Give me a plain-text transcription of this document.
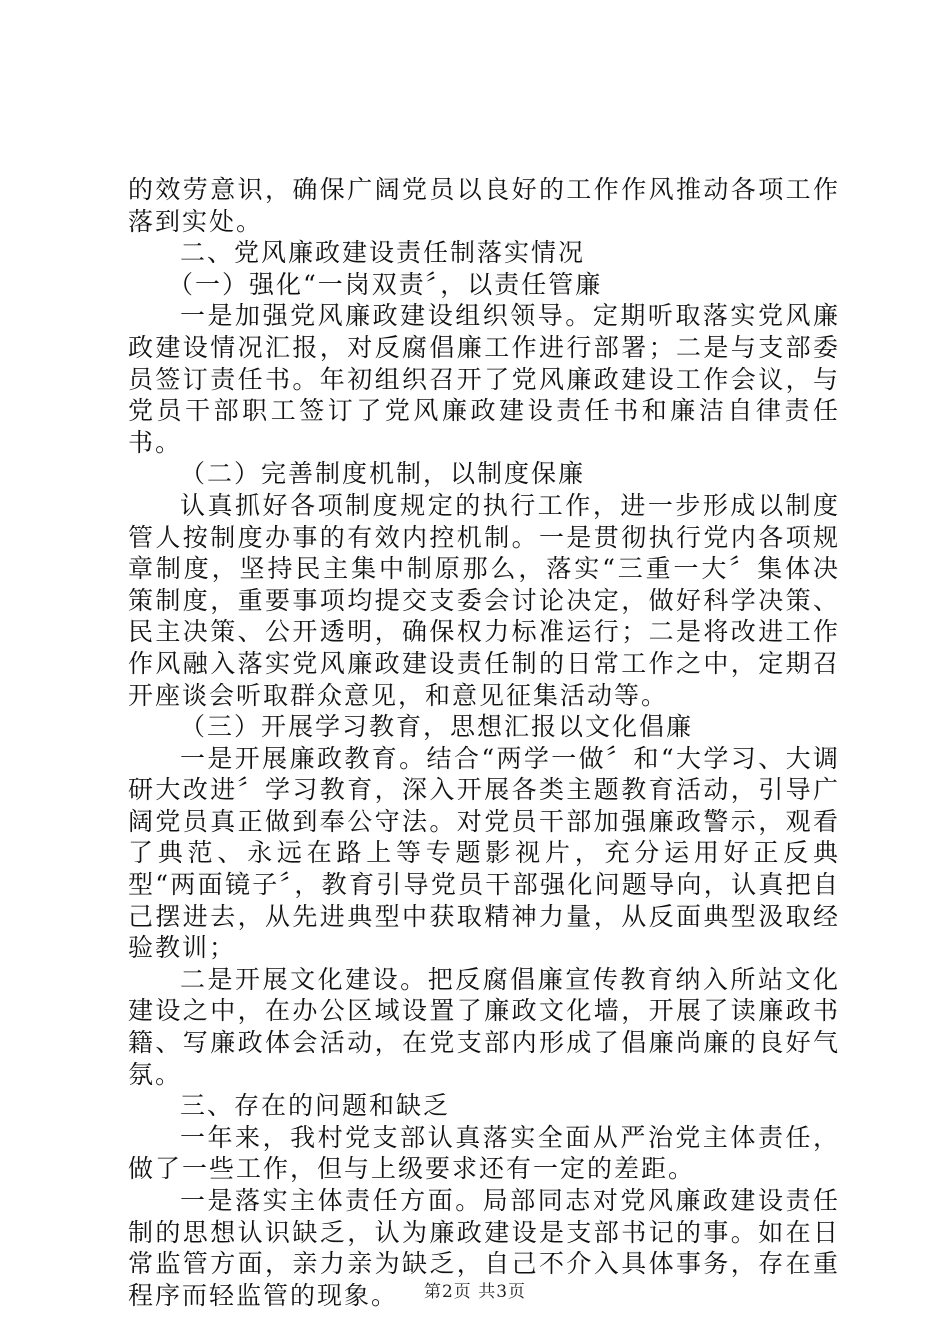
的效劳意识，确保广阔党员以良好的工作作风推动各项工作落到实处。

二、党风廉政建设责任制落实情况

（一）强化“一岗双责〞，以责任管廉

一是加强党风廉政建设组织领导。定期听取落实党风廉政建设情况汇报，对反腐倡廉工作进行部署；二是与支部委员签订责任书。年初组织召开了党风廉政建设工作会议，与党员干部职工签订了党风廉政建设责任书和廉洁自律责任书。

（二）完善制度机制，以制度保廉

认真抓好各项制度规定的执行工作，进一步形成以制度管人按制度办事的有效内控机制。一是贯彻执行党内各项规章制度，坚持民主集中制原那么，落实“三重一大〞集体决策制度，重要事项均提交支委会讨论决定，做好科学决策、民主决策、公开透明，确保权力标准运行；二是将改进工作作风融入落实党风廉政建设责任制的日常工作之中，定期召开座谈会听取群众意见，和意见征集活动等。

（三）开展学习教育，思想汇报以文化倡廉

一是开展廉政教育。结合“两学一做〞和“大学习、大调研大改进〞学习教育，深入开展各类主题教育活动，引导广阔党员真正做到奉公守法。对党员干部加强廉政警示，观看了典范、永远在路上等专题影视片，充分运用好正反典型“两面镜子〞，教育引导党员干部强化问题导向，认真把自己摆进去，从先进典型中获取精神力量，从反面典型汲取经验教训；

二是开展文化建设。把反腐倡廉宣传教育纳入所站文化建设之中，在办公区域设置了廉政文化墙，开展了读廉政书籍、写廉政体会活动，在党支部内形成了倡廉尚廉的良好气氛。

三、存在的问题和缺乏

一年来，我村党支部认真落实全面从严治党主体责任，做了一些工作，但与上级要求还有一定的差距。

一是落实主体责任方面。局部同志对党风廉政建设责任制的思想认识缺乏，认为廉政建设是支部书记的事。如在日常监管方面，亲力亲为缺乏，自己不介入具体事务，存在重程序而轻监管的现象。	第2页 共3页
